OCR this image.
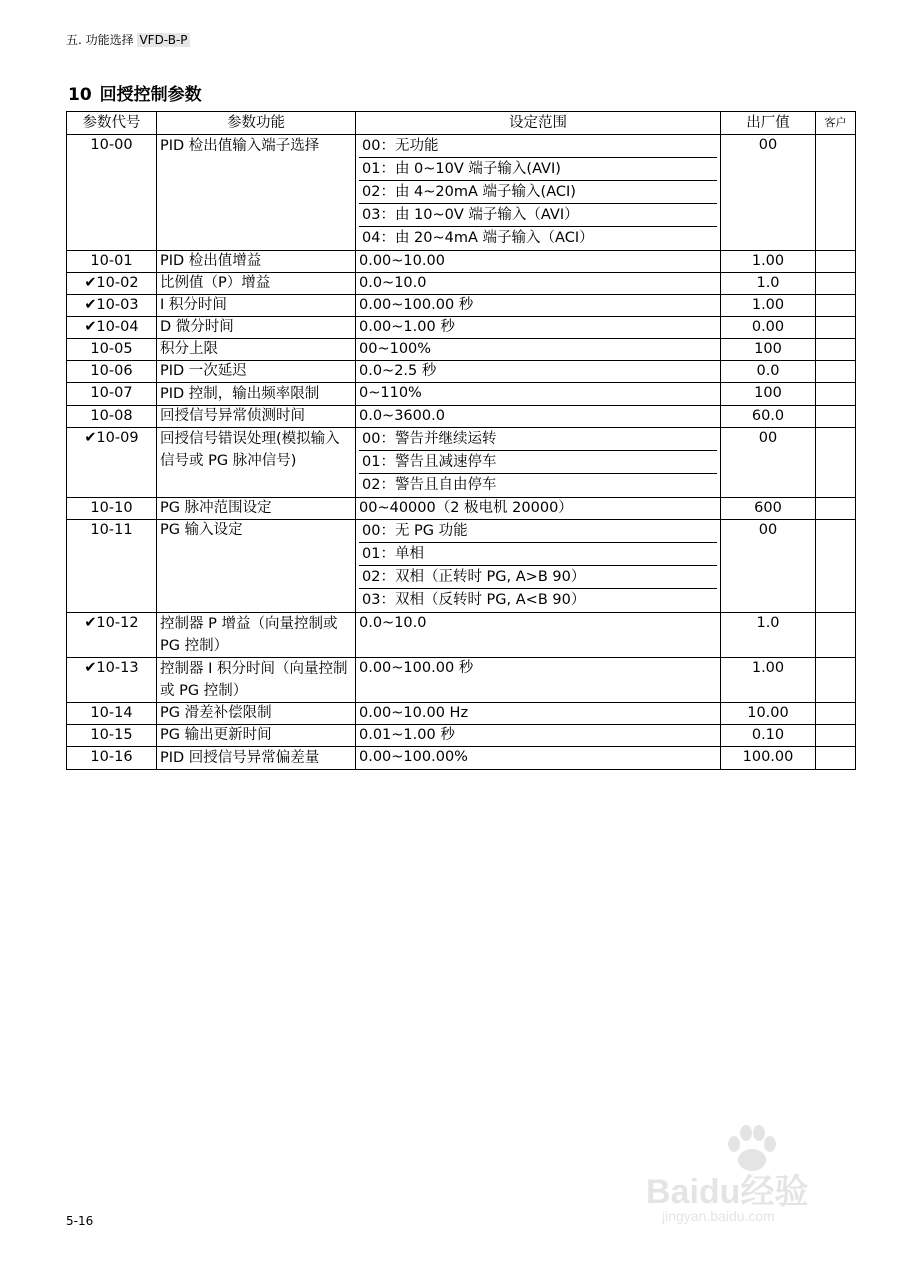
五. 功能选择 VFD-B-P
10 回授控制参数
参数代号	参数功能	设定范围	出厂值	客户
10-00	PID 检出值输入端子选择	00：无功能
01：由 0~10V 端子输入(AVI)
02：由 4~20mA 端子输入(ACI)
03：由 10~0V 端子输入（AVI）
04：由 20~4mA 端子输入（ACI）	00	
10-01	PID 检出值增益	0.00~10.00	1.00	
✔10-02	比例值（P）增益	0.0~10.0	1.0	
✔10-03	I 积分时间	0.00~100.00 秒	1.00	
✔10-04	D 微分时间	0.00~1.00 秒	0.00	
10-05	积分上限	00~100%	100	
10-06	PID 一次延迟	0.0~2.5 秒	0.0	
10-07	PID 控制，输出频率限制	0~110%	100	
10-08	回授信号异常侦测时间	0.0~3600.0	60.0	
✔10-09	回授信号错误处理(模拟输入信号或 PG 脉冲信号)	00：警告并继续运转
01：警告且减速停车
02：警告且自由停车	00	
10-10	PG 脉冲范围设定	00~40000（2 极电机 20000）	600	
10-11	PG 输入设定	00：无 PG 功能
01：单相
02：双相（正转时 PG, A>B 90）
03：双相（反转时 PG, A<B 90）	00	
✔10-12	控制器 P 增益（向量控制或 PG 控制）	0.0~10.0	1.0	
✔10-13	控制器 I 积分时间（向量控制或 PG 控制）	0.00~100.00 秒	1.00	
10-14	PG 滑差补偿限制	0.00~10.00 Hz	10.00	
10-15	PG 输出更新时间	0.01~1.00 秒	0.10	
10-16	PID 回授信号异常偏差量	0.00~100.00%	100.00	
5-16
Baidu经验
jingyan.baidu.com
